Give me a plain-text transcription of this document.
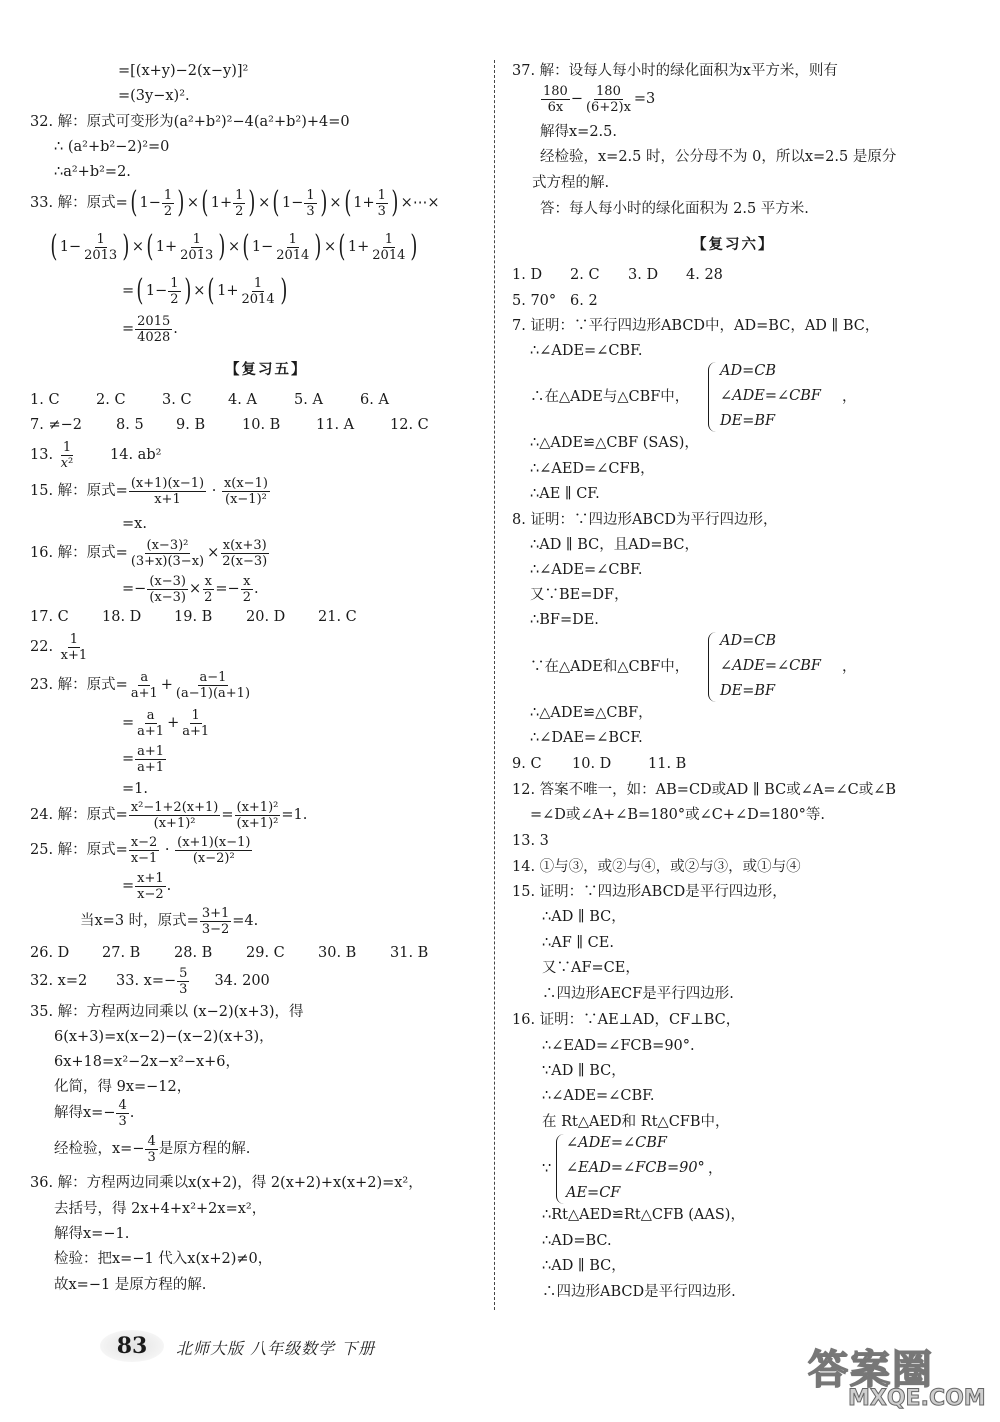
=[(x+y)−2(x−y)]²
=(3y−x)².
32. 解：原式可变形为(a²+b²)²−4(a²+b²)+4=0
∴ (a²+b²−2)²=0
∴a²+b²=2.
33. 解：原式=( $1- \frac{1}{2}$ ) ×( $1+ \frac{1}{2}$ ) ×( $1- \frac{1}{3}$ ) ×( $1+ \frac{1}{3}$ ) ×⋯×
( $1- \frac{1}{2013}$ ) ×( $1+ \frac{1}{2013}$ ) ×( $1- \frac{1}{2014}$ ) ×( $1+ \frac{1}{2014}$ )
=( $1- \frac{1}{2}$ ) ×( $1+ \frac{1}{2014}$ )
= $\frac{2015}{4028}$ .
【复习五】
1. C	2. C	3. C	4. A	5. A	6. A
7. ≠−2	8. 5	9. B	10. B	11. A	12. C
13. $\frac{1}{\text{x²}} 14$. ab²
15. 解：原式= $\frac{(x+1)(x-1)}{x+1} \cdot \frac{x(x-1)}{\text{(x−1)²}}$
=x.
16. 解：原式= $\frac{\text{(x−3)²}}{(3+x)(3-x)} \times \frac{x(x+3)}{2(x-3)}$
=− $\frac{(x-3)}{(x-3)} \times \frac{x}{2} =- \frac{x}{2}$ .
17. C	18. D	19. B	20. D	21. C
22. $\frac{1}{x+1}$
23. 解：原式= $\frac{a}{a+1} + \frac{a-1}{(a-1)(a+1)}$
= $\frac{a}{a+1} + \frac{1}{a+1}$
= $\frac{a+1}{a+1}$
=1.
24. 解：原式= $\frac{\text{x²−1+2(x+1)}}{\text{(x+1)²}} = \frac{\text{(x+1)²}}{\text{(x+1)²}} =1$.
25. 解：原式= $\frac{x-2}{x-1} \cdot \frac{(x+1)(x-1)}{\text{(x−2)²}}$
= $\frac{x+1}{x-2}$ .
当x=3 时，原式= $\frac{3+1}{3-2} =4$.
26. D	27. B	28. B	29. C	30. B	31. B
32. x=2 33. $x=- \frac{5}{3} 34$. 200
35. 解：方程两边同乘以 (x−2)(x+3)，得
6(x+3)=x(x−2)−(x−2)(x+3)，
6x+18=x²−2x−x²−x+6，
化简，得 9x=−12，
解得$x=- \frac{4}{3}$ .
经检验，$x=- \frac{4}{3}$ 是原方程的解.
36. 解：方程两边同乘以x(x+2)，得 2(x+2)+x(x+2)=x²，
去括号，得 2x+4+x²+2x=x²，
解得x=−1.
检验：把x=−1 代入x(x+2)≠0，
故x=−1 是原方程的解.
37. 解：设每人每小时的绿化面积为x平方米，则有
$\frac{180}{6x} - \frac{180}{(6+2)x} =3$
解得x=2.5.
经检验，x=2.5 时，公分母不为 0，所以x=2.5 是原分
式方程的解.
答：每人每小时的绿化面积为 2.5 平方米.
【复习六】
1. D	2. C	3. D	4. 28
5. 70° 6. 2
7. 证明：∵平行四边形ABCD中，AD=BC，AD ∥ BC，
∴∠ADE=∠CBF.
∴在△ADE与△CBF中，
AD=CB
∠ADE=∠CBF
DE=BF
，
∴△ADE≌△CBF (SAS)，
∴∠AED=∠CFB，
∴AE ∥ CF.
8. 证明：∵四边形ABCD为平行四边形，
∴AD ∥ BC，且AD=BC，
∴∠ADE=∠CBF.
又∵BE=DF，
∴BF=DE.
∵在△ADE和△CBF中，
AD=CB
∠ADE=∠CBF
DE=BF
，
∴△ADE≌△CBF，
∴∠DAE=∠BCF.
9. C	10. D	11. B
12. 答案不唯一，如：AB=CD或AD ∥ BC或∠A=∠C或∠B
=∠D或∠A+∠B=180°或∠C+∠D=180°等.
13. 3
14. ①与③，或②与④，或②与③，或①与④
15. 证明：∵四边形ABCD是平行四边形，
∴AD ∥ BC，
∴AF ∥ CE.
又∵AF=CE，
∴四边形AECF是平行四边形.
16. 证明：∵AE⊥AD，CF⊥BC，
∴∠EAD=∠FCB=90°.
∵AD ∥ BC，
∴∠ADE=∠CBF.
在 Rt△AED和 Rt△CFB中，
∵
∠ADE=∠CBF
∠EAD=∠FCB=90°
AE=CF
，
∴Rt△AED≌Rt△CFB (AAS)，
∴AD=BC.
∴AD ∥ BC，
∴四边形ABCD是平行四边形.
83	北师大版 八年级数学 下册	答案圈
MXQE.COM
